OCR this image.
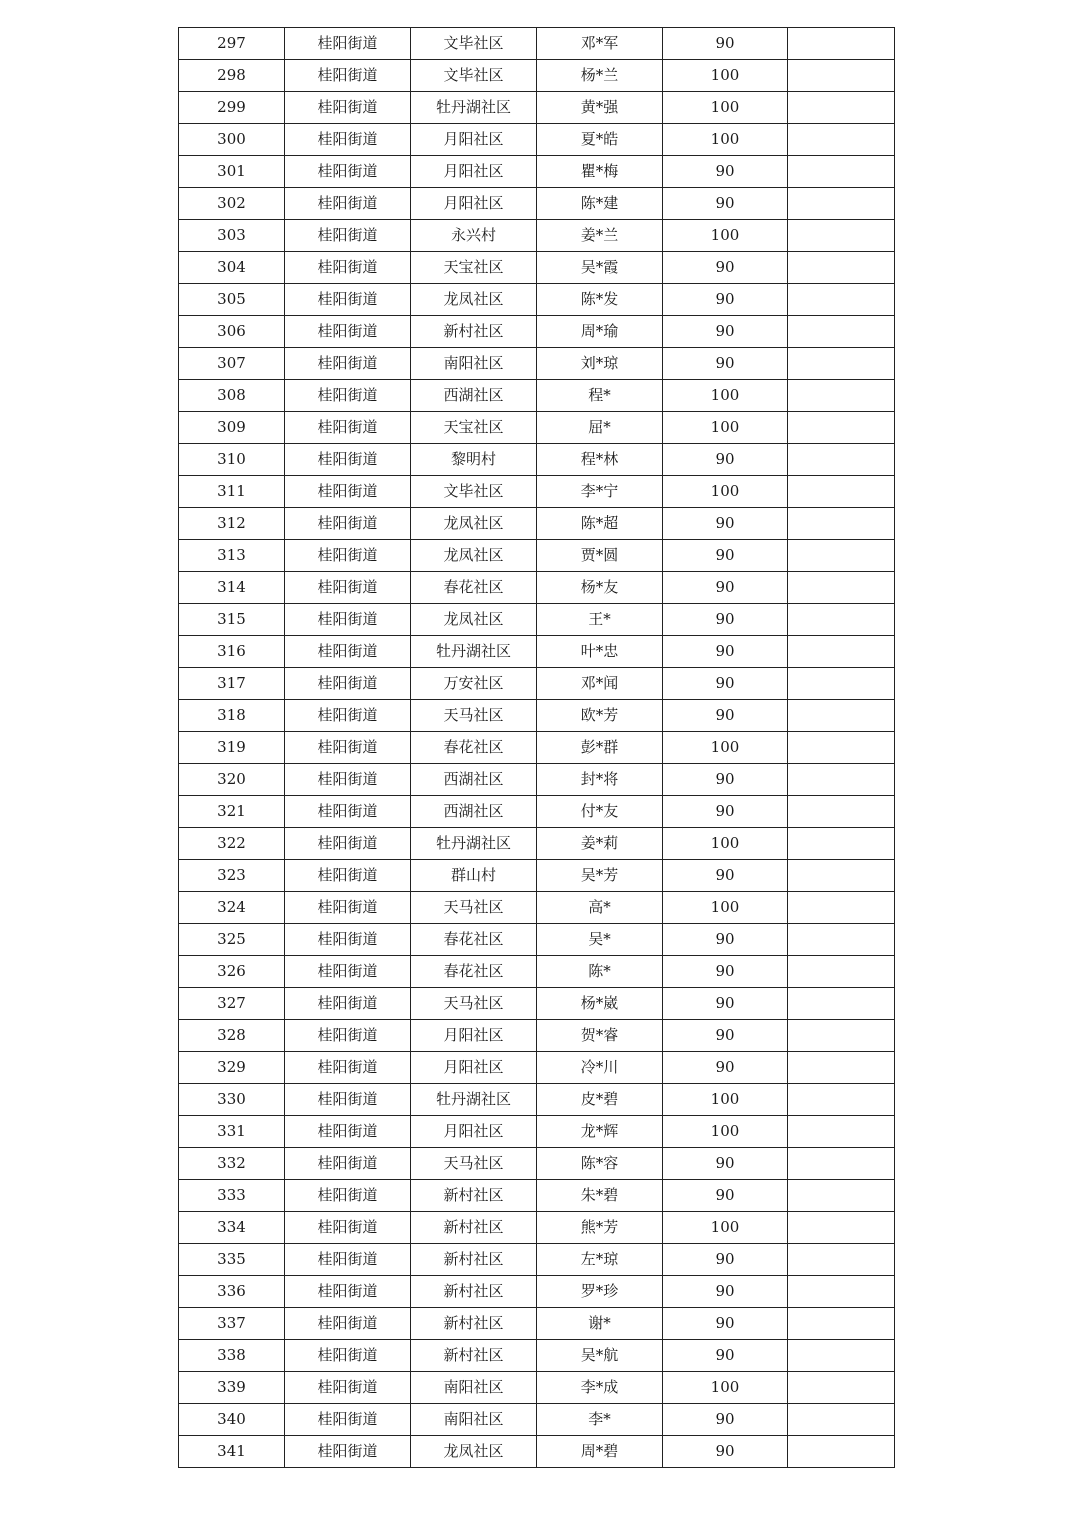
297	桂阳街道	文毕社区	邓*军	90	
298	桂阳街道	文毕社区	杨*兰	100	
299	桂阳街道	牡丹湖社区	黄*强	100	
300	桂阳街道	月阳社区	夏*皓	100	
301	桂阳街道	月阳社区	瞿*梅	90	
302	桂阳街道	月阳社区	陈*建	90	
303	桂阳街道	永兴村	姜*兰	100	
304	桂阳街道	天宝社区	吴*霞	90	
305	桂阳街道	龙凤社区	陈*发	90	
306	桂阳街道	新村社区	周*瑜	90	
307	桂阳街道	南阳社区	刘*琼	90	
308	桂阳街道	西湖社区	程*	100	
309	桂阳街道	天宝社区	屈*	100	
310	桂阳街道	黎明村	程*林	90	
311	桂阳街道	文毕社区	李*宁	100	
312	桂阳街道	龙凤社区	陈*超	90	
313	桂阳街道	龙凤社区	贾*圆	90	
314	桂阳街道	春花社区	杨*友	90	
315	桂阳街道	龙凤社区	王*	90	
316	桂阳街道	牡丹湖社区	叶*忠	90	
317	桂阳街道	万安社区	邓*闻	90	
318	桂阳街道	天马社区	欧*芳	90	
319	桂阳街道	春花社区	彭*群	100	
320	桂阳街道	西湖社区	封*将	90	
321	桂阳街道	西湖社区	付*友	90	
322	桂阳街道	牡丹湖社区	姜*莉	100	
323	桂阳街道	群山村	吴*芳	90	
324	桂阳街道	天马社区	高*	100	
325	桂阳街道	春花社区	吴*	90	
326	桂阳街道	春花社区	陈*	90	
327	桂阳街道	天马社区	杨*崴	90	
328	桂阳街道	月阳社区	贺*睿	90	
329	桂阳街道	月阳社区	冷*川	90	
330	桂阳街道	牡丹湖社区	皮*碧	100	
331	桂阳街道	月阳社区	龙*辉	100	
332	桂阳街道	天马社区	陈*容	90	
333	桂阳街道	新村社区	朱*碧	90	
334	桂阳街道	新村社区	熊*芳	100	
335	桂阳街道	新村社区	左*琼	90	
336	桂阳街道	新村社区	罗*珍	90	
337	桂阳街道	新村社区	谢*	90	
338	桂阳街道	新村社区	吴*航	90	
339	桂阳街道	南阳社区	李*成	100	
340	桂阳街道	南阳社区	李*	90	
341	桂阳街道	龙凤社区	周*碧	90	
